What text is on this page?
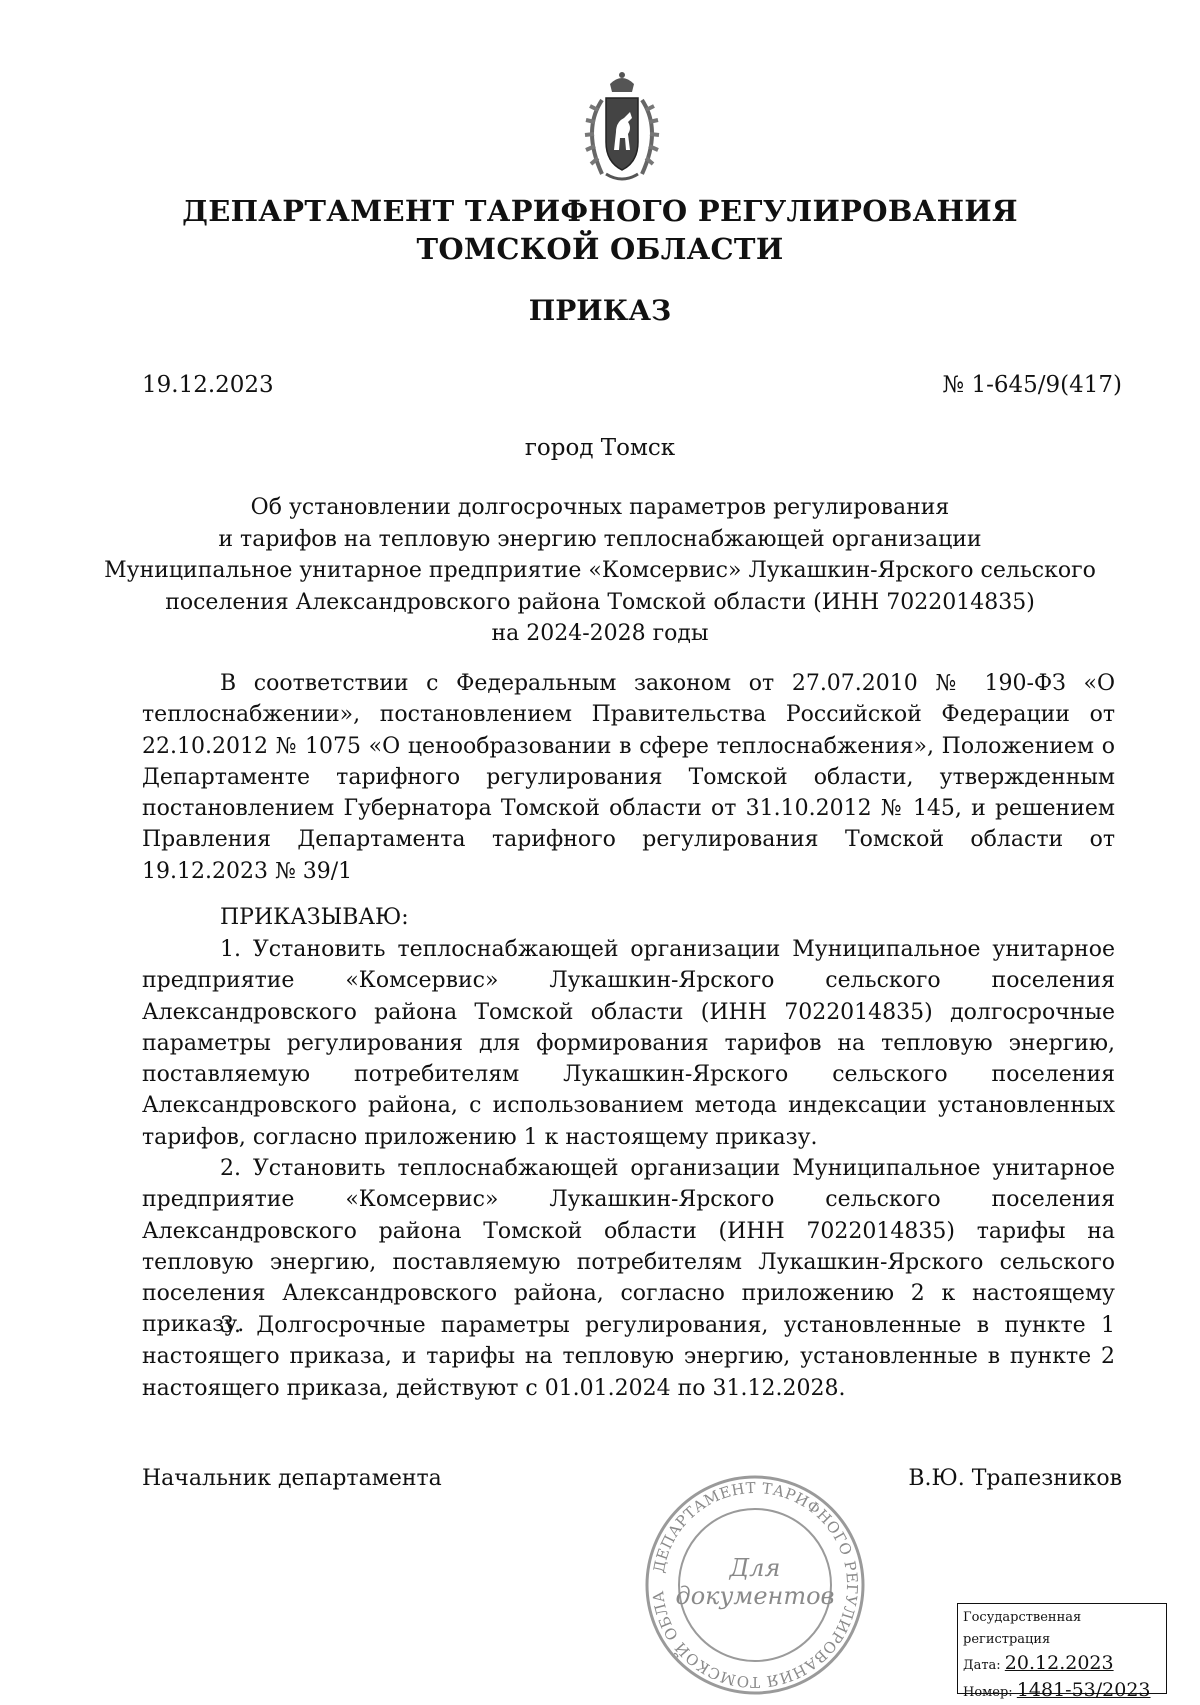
ДЕПАРТАМЕНТ ТАРИФНОГО РЕГУЛИРОВАНИЯ
ТОМСКОЙ ОБЛАСТИ
ПРИКАЗ
19.12.2023	№ 1-645/9(417)
город Томск
Об установлении долгосрочных параметров регулирования
и тарифов на тепловую энергию теплоснабжающей организации
Муниципальное унитарное предприятие «Комсервис» Лукашкин-Ярского сельского
поселения Александровского района Томской области (ИНН 7022014835)
на 2024-2028 годы

В соответствии с Федеральным законом от 27.07.2010 № 190-ФЗ «О теплоснабжении», постановлением Правительства Российской Федерации от 22.10.2012 № 1075 «О ценообразовании в сфере теплоснабжения», Положением о Департаменте тарифного регулирования Томской области, утвержденным постановлением Губернатора Томской области от 31.10.2012 № 145, и решением Правления Департамента тарифного регулирования Томской области от 19.12.2023 № 39/1

ПРИКАЗЫВАЮ:

1. Установить теплоснабжающей организации Муниципальное унитарное предприятие «Комсервис» Лукашкин-Ярского сельского поселения Александровского района Томской области (ИНН 7022014835) долгосрочные параметры регулирования для формирования тарифов на тепловую энергию, поставляемую потребителям Лукашкин-Ярского сельского поселения Александровского района, с использованием метода индексации установленных тарифов, согласно приложению 1 к настоящему приказу.

2. Установить теплоснабжающей организации Муниципальное унитарное предприятие «Комсервис» Лукашкин-Ярского сельского поселения Александровского района Томской области (ИНН 7022014835) тарифы на тепловую энергию, поставляемую потребителям Лукашкин-Ярского сельского поселения Александровского района, согласно приложению 2 к настоящему приказу.

3. Долгосрочные параметры регулирования, установленные в пункте 1 настоящего приказа, и тарифы на тепловую энергию, установленные в пункте 2 настоящего приказа, действуют с 01.01.2024 по 31.12.2028.

Начальник департамента	В.Ю. Трапезников
ДЕПАРТАМЕНТ ТАРИФНОГО РЕГУЛИРОВАНИЯ ТОМСКОЙ ОБЛА
Для
документов
Государственная регистрация
Дата: 20.12.2023
Номер: 1481-53/2023
